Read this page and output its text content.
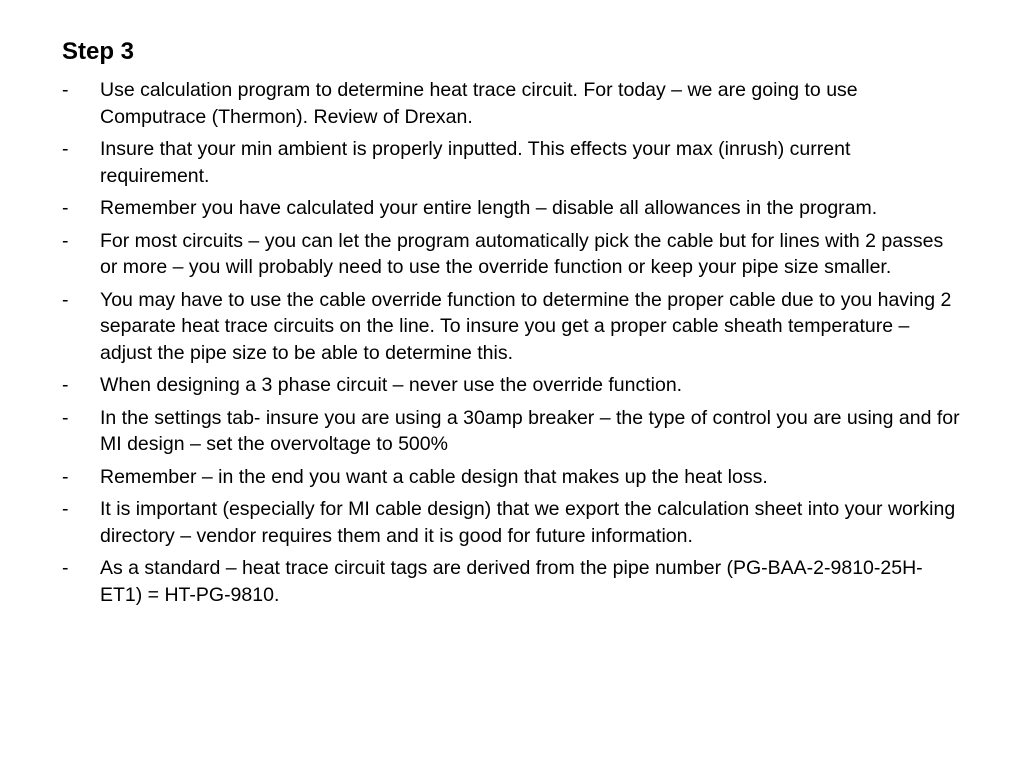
Step 3
- Use calculation program to determine heat trace circuit. For today – we are going to use Computrace (Thermon). Review of Drexan.
- Insure that your min ambient is properly inputted. This effects your max (inrush) current requirement.
- Remember you have calculated your entire length – disable all allowances in the program.
- For most circuits – you can let the program automatically pick the cable but for lines with 2 passes or more – you will probably need to use the override function or keep your pipe size smaller.
- You may have to use the cable override function to determine the proper cable due to you having 2 separate heat trace circuits on the line. To insure you get a proper cable sheath temperature – adjust the pipe size to be able to determine this.
- When designing a 3 phase circuit – never use the override function.
- In the settings tab- insure you are using a 30amp breaker – the type of control you are using and for MI design – set the overvoltage to 500%
- Remember – in the end you want a cable design that makes up the heat loss.
- It is important (especially for MI cable design) that we export the calculation sheet into your working directory – vendor requires them and it is good for future information.
- As a standard – heat trace circuit tags are derived from the pipe number (PG-BAA-2-9810-25H-ET1) = HT-PG-9810.
